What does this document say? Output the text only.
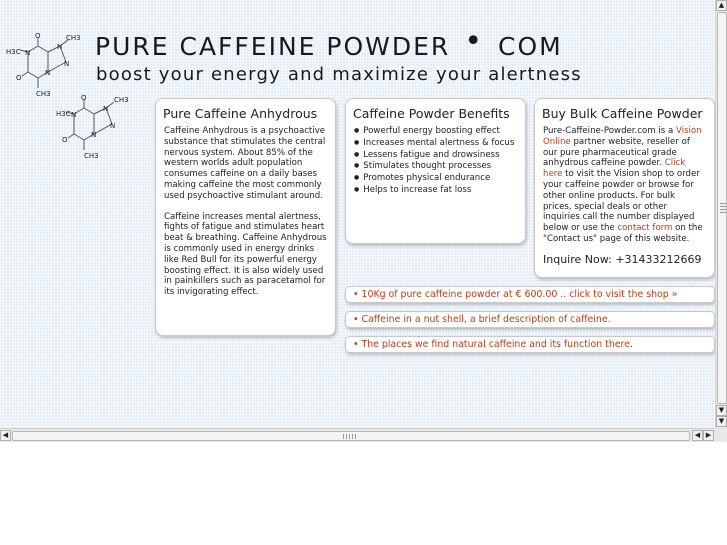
H3C N
O	CH3
N
N
N
O
CH3
H3C N
O	CH3
N
N
N
O
CH3
PURE CAFFEINE POWDER • COM
boost your energy and maximize your alertness
Pure Caffeine Anhydrous

Caffeine Anhydrous is a psychoactive substance that stimulates the central nervous system. About 85% of the western worlds adult population consumes caffeine on a daily bases making caffeine the most commonly used psychoactive stimulant around.

Caffeine increases mental alertness, fights of fatigue and stimulates heart beat & breathing. Caffeine Anhydrous is commonly used in energy drinks like Red Bull for its powerful energy boosting effect. It is also widely used in painkillers such as paracetamol for its invigorating effect.

Caffeine Powder Benefits
● Powerful energy boosting effect
● Increases mental alertness & focus
● Lessens fatigue and drowsiness
● Stimulates thought processes
● Promotes physical endurance
● Helps to increase fat loss
Buy Bulk Caffeine Powder

Pure-Caffeine-Powder.com is a Vision Online partner website, reseller of our pure pharmaceutical grade anhydrous caffeine powder. Click here to visit the Vision shop to order your caffeine powder or browse for other online products. For bulk prices, special deals or other inquiries call the number displayed below or use the contact form on the "Contact us" page of this website.

Inquire Now: +31433212669
• 10Kg of pure caffeine powder at € 600.00 .. click to visit the shop »
• Caffeine in a nut shell, a brief description of caffeine.
• The places we find natural caffeine and its function there.
▲
▼
▼
◀	◀ ▶
